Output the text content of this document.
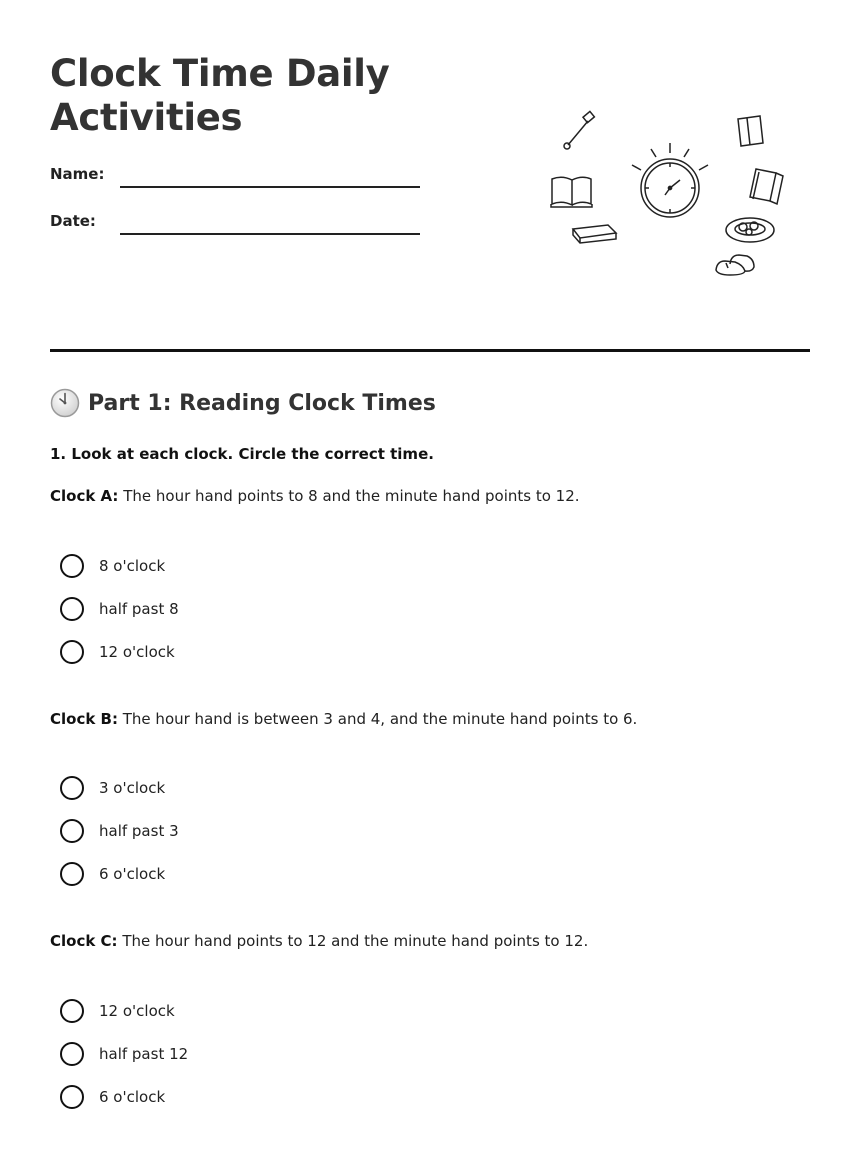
Clock Time Daily
Activities
Name:
Date:
Part 1: Reading Clock Times
1. Look at each clock. Circle the correct time.
Clock A: The hour hand points to 8 and the minute hand points to 12.
8 o'clock
half past 8
12 o'clock
Clock B: The hour hand is between 3 and 4, and the minute hand points to 6.
3 o'clock
half past 3
6 o'clock
Clock C: The hour hand points to 12 and the minute hand points to 12.
12 o'clock
half past 12
6 o'clock
